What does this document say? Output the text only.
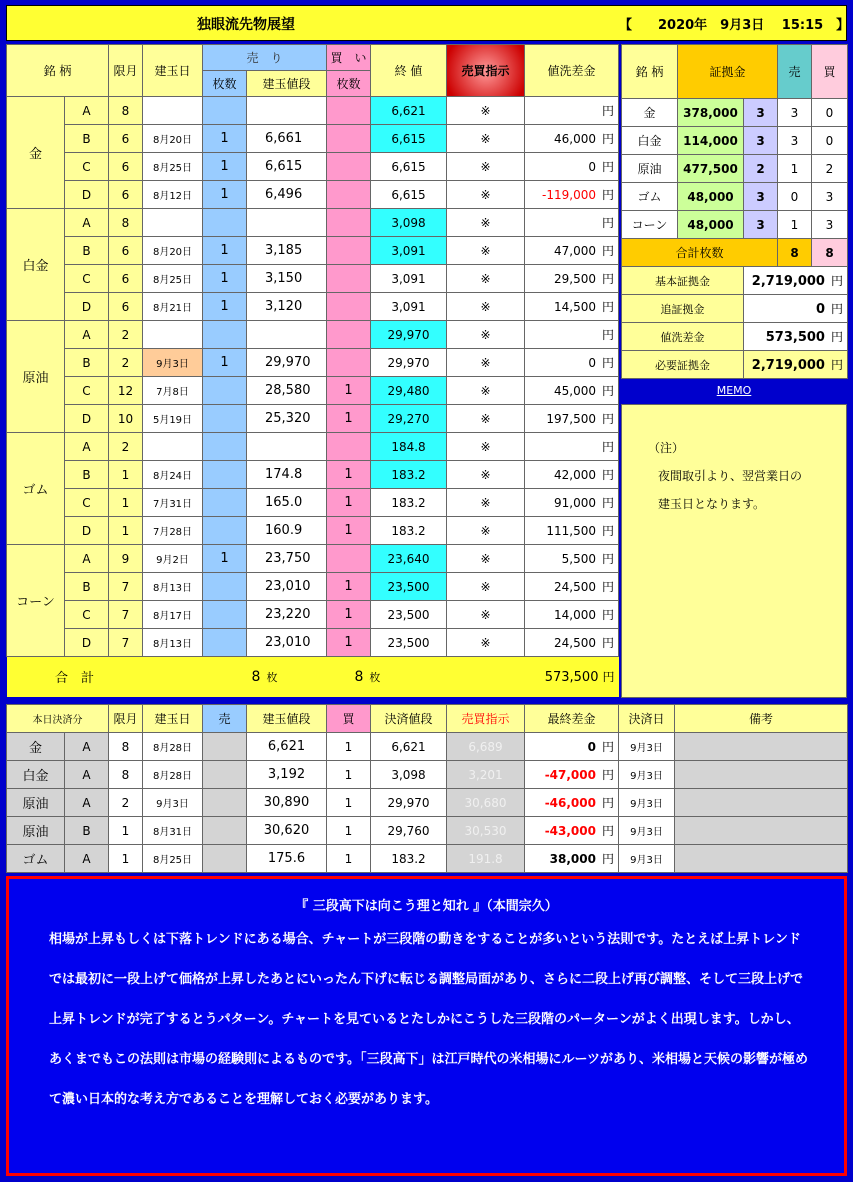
独眼流先物展望	【　　2020年　9月3日　 15:15　】
銘 柄		限月	建玉日	売　り		買　い	終 値	売買指示	値洗差金
				枚数	建玉値段	枚数			
金	A	8					6,621	※	円
	B	6	8月20日	1	6,661		6,615	※	46,000 円
	C	6	8月25日	1	6,615		6,615	※	0 円
	D	6	8月12日	1	6,496		6,615	※	-119,000 円
白金	A	8					3,098	※	円
	B	6	8月20日	1	3,185		3,091	※	47,000 円
	C	6	8月25日	1	3,150		3,091	※	29,500 円
	D	6	8月21日	1	3,120		3,091	※	14,500 円
原油	A	2					29,970	※	円
	B	2	9月3日	1	29,970		29,970	※	0 円
	C	12	7月8日		28,580	1	29,480	※	45,000 円
	D	10	5月19日		25,320	1	29,270	※	197,500 円
ゴム	A	2					184.8	※	円
	B	1	8月24日		174.8	1	183.2	※	42,000 円
	C	1	7月31日		165.0	1	183.2	※	91,000 円
	D	1	7月28日		160.9	1	183.2	※	111,500 円
コーン	A	9	9月2日	1	23,750		23,640	※	5,500 円
	B	7	8月13日		23,010	1	23,500	※	24,500 円
	C	7	8月17日		23,220	1	23,500	※	14,000 円
	D	7	8月13日		23,010	1	23,500	※	24,500 円
合　計			8 枚			8 枚		573,500 円	
銘 柄	証拠金		売	買
金	378,000	3	3	0
白金	114,000	3	3	0
原油	477,500	2	1	2
ゴム	48,000	3	0	3
コーン	48,000	3	1	3
合計枚数			8	8
基本証拠金		2,719,000 円		
追証拠金		0 円		
値洗差金		573,500 円		
必要証拠金		2,719,000 円		
MEMO
（注）
夜間取引より、翌営業日の
建玉日となります。
本日決済分		限月	建玉日	売	建玉値段	買	決済値段	売買指示	最終差金	決済日	備考
金	A	8	8月28日		6,621	1	6,621	6,689	0 円	9月3日	
白金	A	8	8月28日		3,192	1	3,098	3,201	-47,000 円	9月3日	
原油	A	2	9月3日		30,890	1	29,970	30,680	-46,000 円	9月3日	
原油	B	1	8月31日		30,620	1	29,760	30,530	-43,000 円	9月3日	
ゴム	A	1	8月25日		175.6	1	183.2	191.8	38,000 円	9月3日	
『 三段高下は向こう理と知れ 』（本間宗久）
相場が上昇もしくは下落トレンドにある場合、チャートが三段階の動きをすることが多いという法則です。たとえば上昇トレンドでは最初に一段上げて価格が上昇したあとにいったん下げに転じる調整局面があり、さらに二段上げ再び調整、そして三段上げで上昇トレンドが完了するとうパターン。チャートを見ているとたしかにこうした三段階のパーターンがよく出現します。しかし、あくまでもこの法則は市場の経験則によるものです。「三段高下」は江戸時代の米相場にルーツがあり、米相場と天候の影響が極めて濃い日本的な考え方であることを理解しておく必要があります。
